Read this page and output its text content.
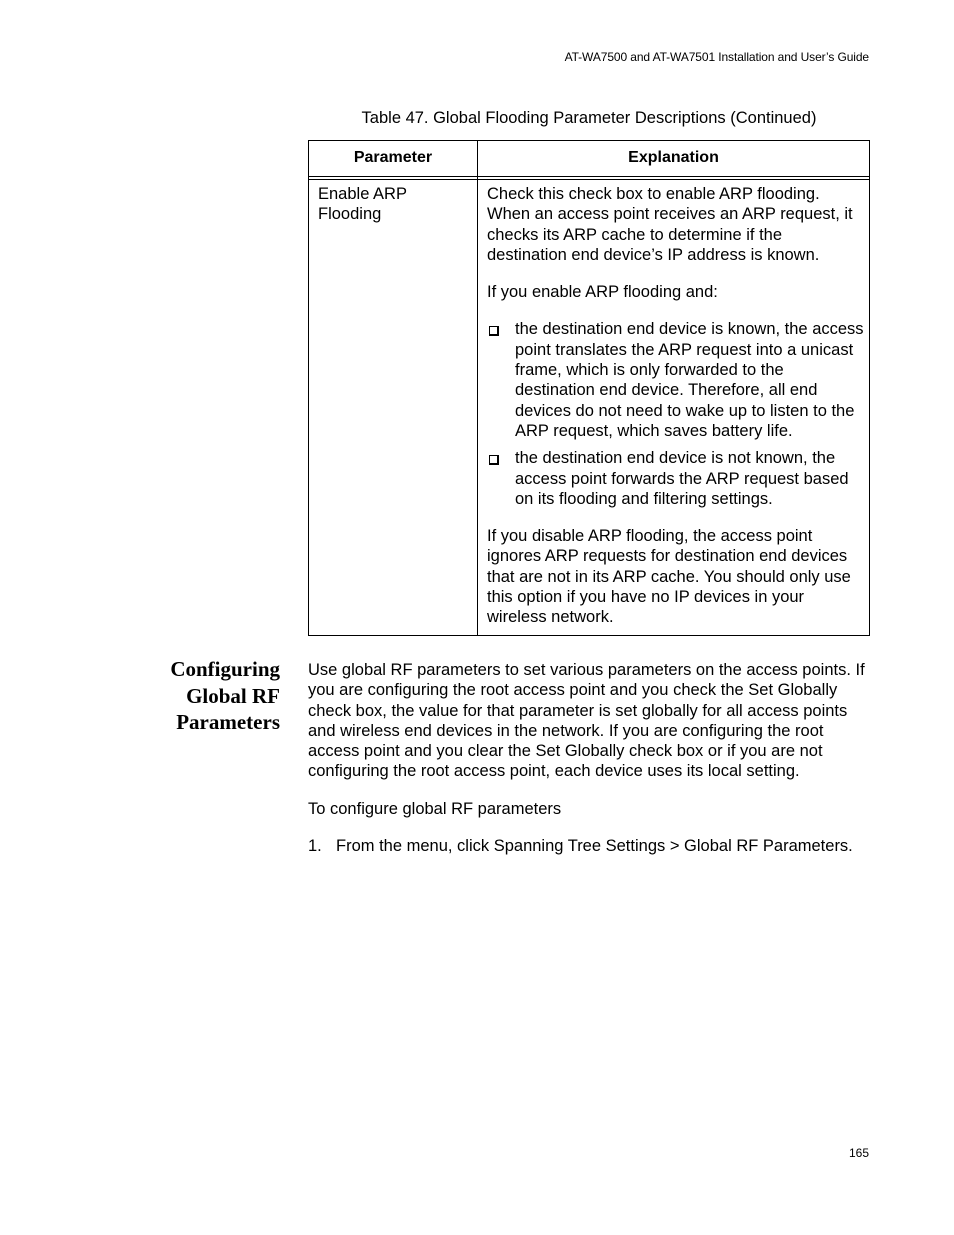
AT-WA7500 and AT-WA7501 Installation and User’s Guide
Table 47. Global Flooding Parameter Descriptions (Continued)
Parameter	Explanation
Enable ARP Flooding

Check this check box to enable ARP flooding. When an access point receives an ARP request, it checks its ARP cache to determine if the destination end device’s IP address is known.

If you enable ARP flooding and:

the destination end device is known, the access point translates the ARP request into a unicast frame, which is only forwarded to the destination end device. Therefore, all end devices do not need to wake up to listen to the ARP request, which saves battery life.
the destination end device is not known, the access point forwards the ARP request based on its flooding and filtering settings.

If you disable ARP flooding, the access point ignores ARP requests for destination end devices that are not in its ARP cache. You should only use this option if you have no IP devices in your wireless network.

Configuring
Global RF
Parameters

Use global RF parameters to set various parameters on the access points. If you are configuring the root access point and you check the Set Globally check box, the value for that parameter is set globally for all access points and wireless end devices in the network. If you are configuring the root access point and you clear the Set Globally check box or if you are not configuring the root access point, each device uses its local setting.

To configure global RF parameters

1. From the menu, click Spanning Tree Settings > Global RF Parameters.
165
